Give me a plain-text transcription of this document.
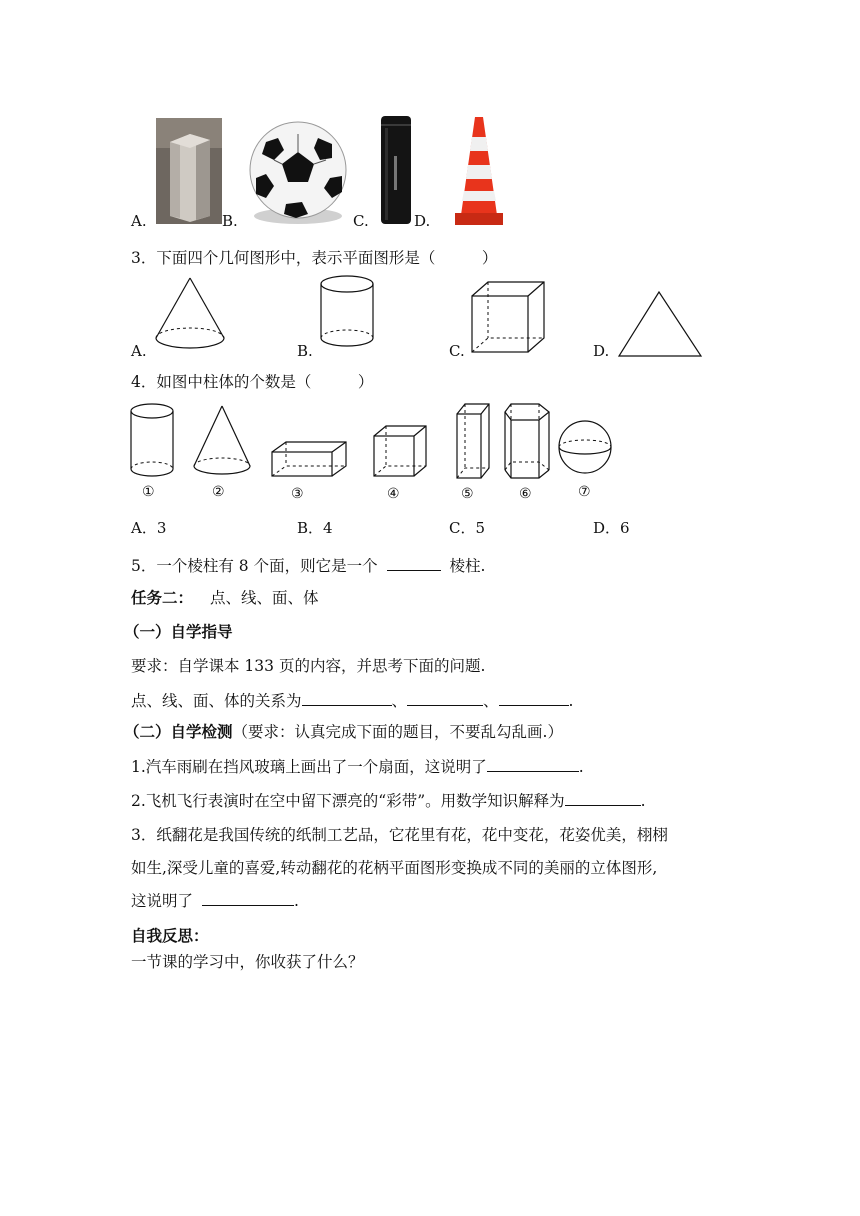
A.	B.	C.	D.
3．下面四个几何图形中，表示平面图形是（　　　）
A.	B.	C.	D.
4．如图中柱体的个数是（　　　）
①	②	③	④	⑤	⑥	⑦
A．3	B．4	C．5	D．6
5．一个棱柱有 8 个面，则它是一个	棱柱.
任务二： 点、线、面、体
（一）自学指导
要求：自学课本 133 页的内容，并思考下面的问题.
点、线、面、体的关系为	、	、	.
（二）自学检测（要求：认真完成下面的题目，不要乱勾乱画.）
1.汽车雨刷在挡风玻璃上画出了一个扇面，这说明了	.
2.飞机飞行表演时在空中留下漂亮的“彩带”。用数学知识解释为	.
3．纸翻花是我国传统的纸制工艺品，它花里有花，花中变花，花姿优美，栩栩
如生,深受儿童的喜爱,转动翻花的花柄平面图形变换成不同的美丽的立体图形,
这说明了	.
自我反思：
一节课的学习中，你收获了什么？
